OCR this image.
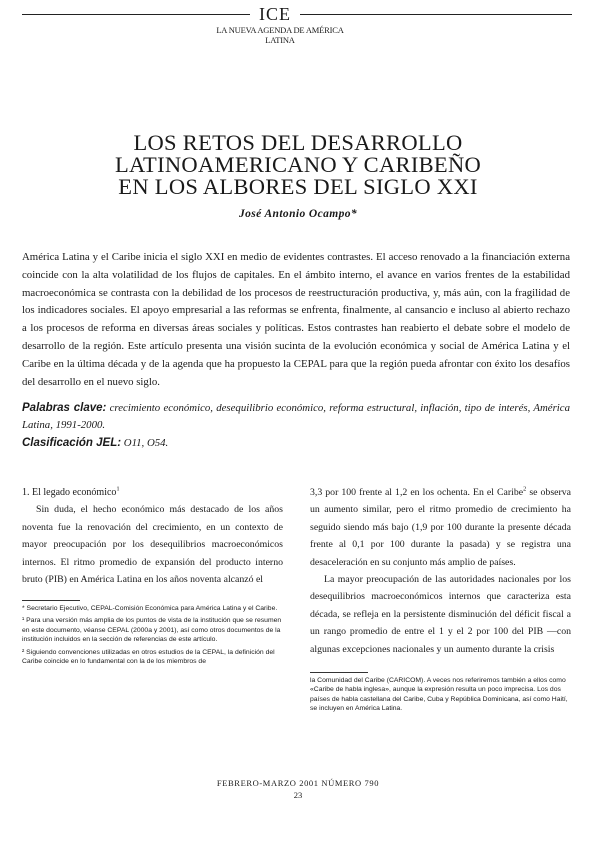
ICE
LA NUEVA AGENDA DE AMÉRICA LATINA
LOS RETOS DEL DESARROLLO
LATINOAMERICANO Y CARIBEÑO
EN LOS ALBORES DEL SIGLO XXI
José Antonio Ocampo*
América Latina y el Caribe inicia el siglo XXI en medio de evidentes contrastes. El acceso renovado a la financiación externa coincide con la alta volatilidad de los flujos de capitales. En el ámbito interno, el avance en varios frentes de la estabilidad macroeconómica se contrasta con la debilidad de los procesos de reestructuración productiva, y, más aún, con la fragilidad de los indicadores sociales. El apoyo empresarial a las reformas se enfrenta, finalmente, al cansancio e incluso al abierto rechazo a los procesos de reforma en diversas áreas sociales y políticas. Estos contrastes han reabierto el debate sobre el modelo de desarrollo de la región. Este artículo presenta una visión sucinta de la evolución económica y social de América Latina y el Caribe en la última década y de la agenda que ha propuesto la CEPAL para que la región pueda afrontar con éxito los desafíos del desarrollo en el nuevo siglo.
Palabras clave: crecimiento económico, desequilibrio económico, reforma estructural, inflación, tipo de interés, América Latina, 1991-2000.
Clasificación JEL: O11, O54.

1. El legado económico$^1$

Sin duda, el hecho económico más destacado de los años noventa fue la renovación del crecimiento, en un contexto de mayor preocupación por los desequilibrios macroeconómicos internos. El ritmo promedio de expansión del producto interno bruto (PIB) en América Latina en los años noventa alcanzó el

3,3 por 100 frente al 1,2 en los ochenta. En el Caribe$^2$ se observa un aumento similar, pero el ritmo promedio de crecimiento ha seguido siendo más bajo (1,9 por 100 durante la presente década frente al 0,1 por 100 durante la pasada) y se registra una desaceleración en su conjunto más amplio de países.

La mayor preocupación de las autoridades nacionales por los desequilibrios macroeconómicos internos que caracteriza esta década, se refleja en la persistente disminución del déficit fiscal a un rango promedio de entre el 1 y el 2 por 100 del PIB —con algunas excepciones nacionales y un aumento durante la crisis

* Secretario Ejecutivo, CEPAL-Comisión Económica para América Latina y el Caribe.

¹ Para una versión más amplia de los puntos de vista de la institución que se resumen en este documento, véanse CEPAL (2000a y 2001), así como otros documentos de la institución incluidos en la sección de referencias de este artículo.

² Siguiendo convenciones utilizadas en otros estudios de la CEPAL, la definición del Caribe coincide en lo fundamental con la de los miembros de

la Comunidad del Caribe (CARICOM). A veces nos referiremos también a ellos como «Caribe de habla inglesa», aunque la expresión resulta un poco imprecisa. Los dos países de habla castellana del Caribe, Cuba y República Dominicana, así como Haití, se incluyen en América Latina.

FEBRERO-MARZO 2001 NÚMERO 790
23
